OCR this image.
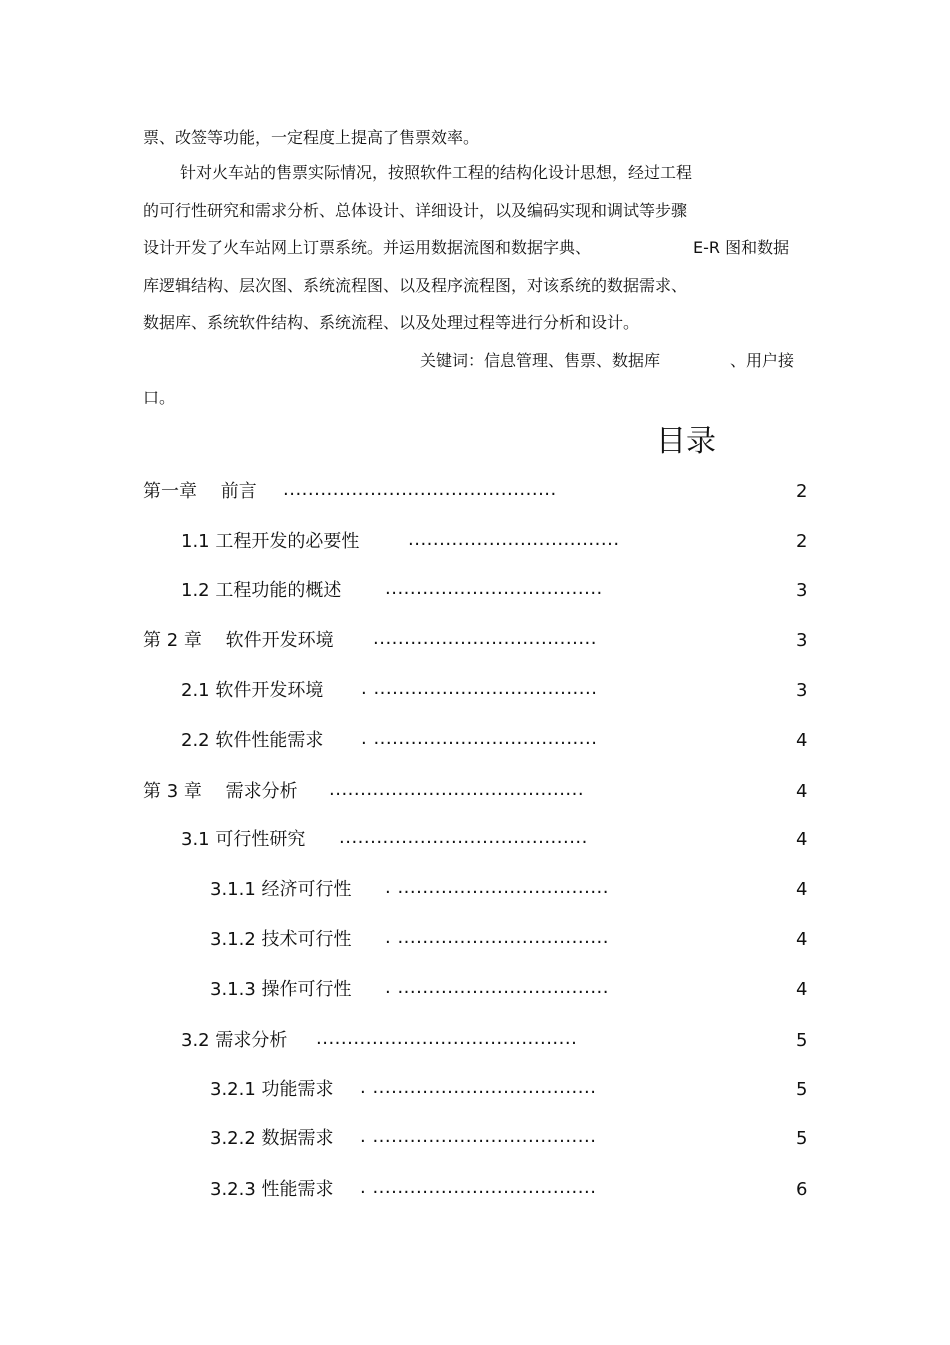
票、改签等功能，一定程度上提高了售票效率。
针对火车站的售票实际情况，按照软件工程的结构化设计思想，经过工程
的可行性研究和需求分析、总体设计、详细设计，以及编码实现和调试等步骤
设计开发了火车站网上订票系统。并运用数据流图和数据字典、	E-R 图和数据
库逻辑结构、层次图、系统流程图、以及程序流程图，对该系统的数据需求、
数据库、系统软件结构、系统流程、以及处理过程等进行分析和设计。
关键词：信息管理、售票、数据库	、用户接
口。
目录
第一章　 前言 ............................................	2
1.1 工程开发的必要性	..................................	2
1.2 工程功能的概述 ...................................	3
第 2 章　 软件开发环境 ....................................	3
2.1 软件开发环境 . ....................................	3
2.2 软件性能需求 . ....................................	4
第 3 章　 需求分析 .........................................	4
3.1 可行性研究 ........................................	4
3.1.1 经济可行性 . ..................................	4
3.1.2 技术可行性 . ..................................	4
3.1.3 操作可行性 . ..................................	4
3.2 需求分析 ..........................................	5
3.2.1 功能需求 . ....................................	5
3.2.2 数据需求 . ....................................	5
3.2.3 性能需求 . ....................................	6
